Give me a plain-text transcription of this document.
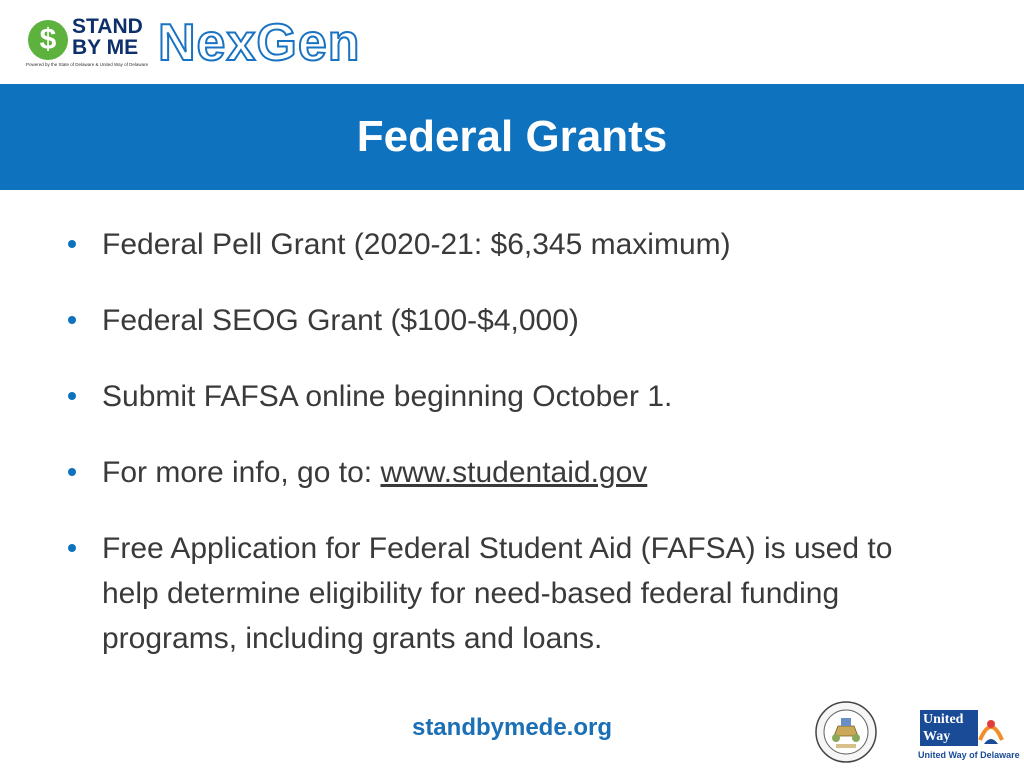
$ STAND
BY ME
Powered by the State of Delaware & United Way of Delaware NexGen
Federal Grants
Federal Pell Grant (2020-21: $6,345 maximum)
Federal SEOG Grant ($100-$4,000)
Submit FAFSA online beginning October 1.
For more info, go to: www.studentaid.gov
Free Application for Federal Student Aid (FAFSA) is used to help determine eligibility for need-based federal funding programs, including grants and loans.
standbymede.org	United Way
United Way of Delaware
